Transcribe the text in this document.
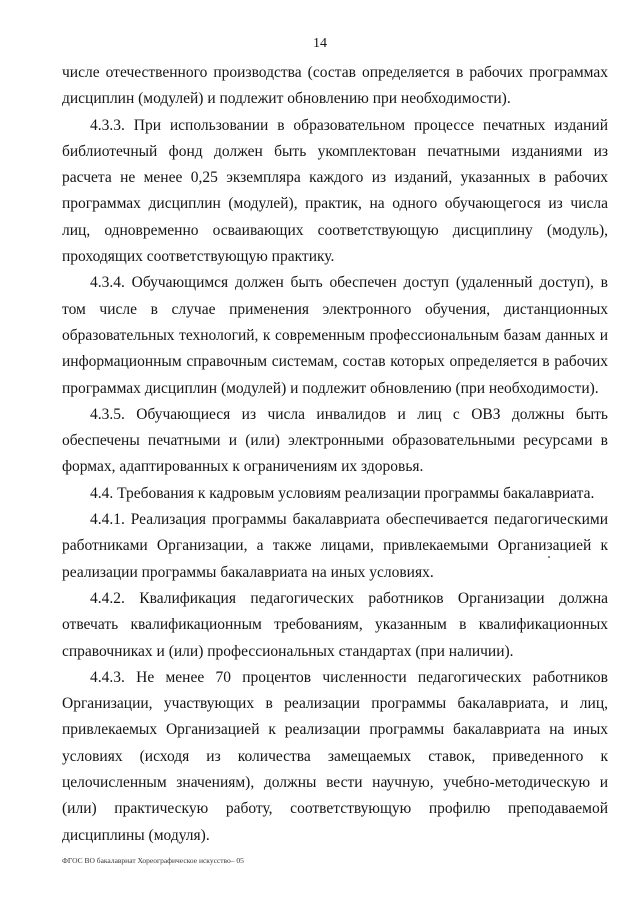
14

числе отечественного производства (состав определяется в рабочих программах дисциплин (модулей) и подлежит обновлению при необходимости).

4.3.3. При использовании в образовательном процессе печатных изданий библиотечный фонд должен быть укомплектован печатными изданиями из расчета не менее 0,25 экземпляра каждого из изданий, указанных в рабочих программах дисциплин (модулей), практик, на одного обучающегося из числа лиц, одновременно осваивающих соответствующую дисциплину (модуль), проходящих соответствующую практику.

4.3.4. Обучающимся должен быть обеспечен доступ (удаленный доступ), в том числе в случае применения электронного обучения, дистанционных образовательных технологий, к современным профессиональным базам данных и информационным справочным системам, состав которых определяется в рабочих программах дисциплин (модулей) и подлежит обновлению (при необходимости).

4.3.5. Обучающиеся из числа инвалидов и лиц с ОВЗ должны быть обеспечены печатными и (или) электронными образовательными ресурсами в формах, адаптированных к ограничениям их здоровья.

4.4. Требования к кадровым условиям реализации программы бакалавриата.

4.4.1. Реализация программы бакалавриата обеспечивается педагогическими работниками Организации, а также лицами, привлекаемыми Организацией к реализации программы бакалавриата на иных условиях.

4.4.2. Квалификация педагогических работников Организации должна отвечать квалификационным требованиям, указанным в квалификационных справочниках и (или) профессиональных стандартах (при наличии).

4.4.3. Не менее 70 процентов численности педагогических работников Организации, участвующих в реализации программы бакалавриата, и лиц, привлекаемых Организацией к реализации программы бакалавриата на иных условиях (исходя из количества замещаемых ставок, приведенного к целочисленным значениям), должны вести научную, учебно-методическую и (или) практическую работу, соответствующую профилю преподаваемой дисциплины (модуля).

ФГОС ВО бакалавриат Хореографическое искусство– 05
